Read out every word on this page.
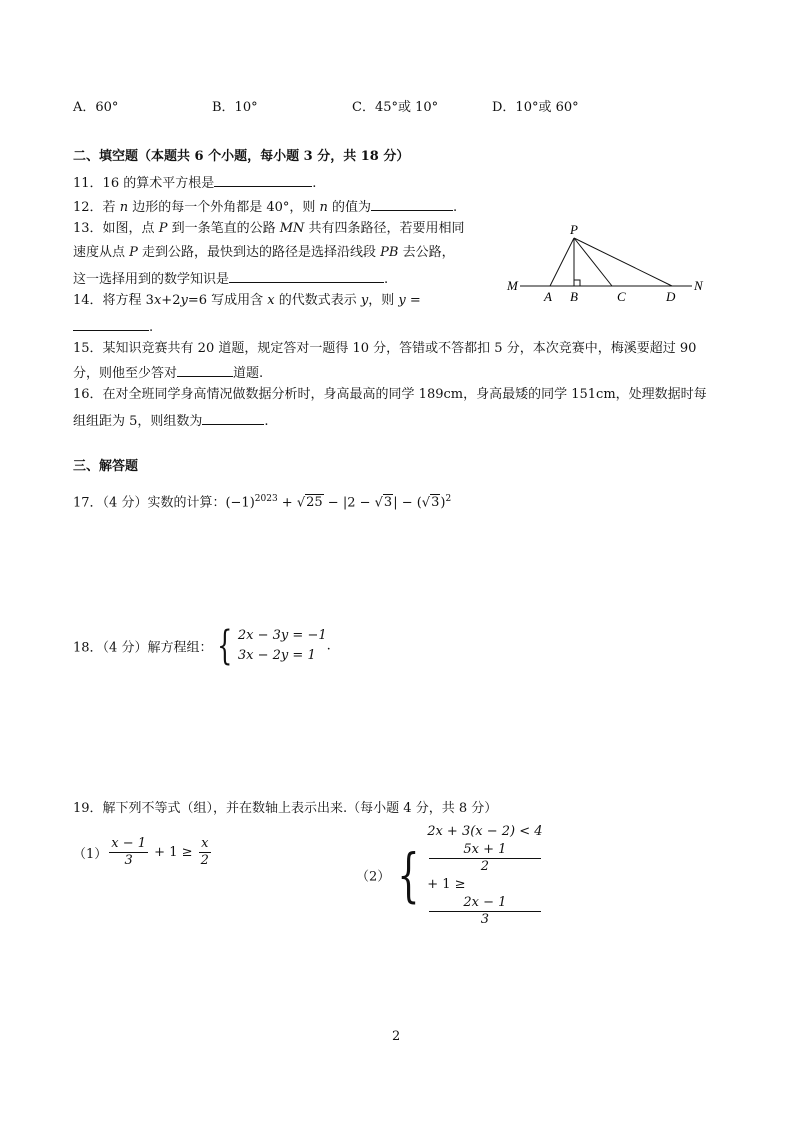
A．60°	B．10°	C．45°或 10°	D．10°或 60°
二、填空题（本题共 6 个小题，每小题 3 分，共 18 分）
11．16 的算术平方根是	.
12．若 n 边形的每一个外角都是 40°，则 n 的值为	.
13．如图，点 P 到一条笔直的公路 MN 共有四条路径，若要用相同
速度从点 P 走到公路，最快到达的路径是选择沿线段 PB 去公路，
这一选择用到的数学知识是	.
P
M
A B	C	D
N
14．将方程 3x+2y=6 写成用含 x 的代数式表示 y，则 y =
.
15．某知识竞赛共有 20 道题，规定答对一题得 10 分，答错或不答都扣 5 分，本次竞赛中，梅溪要超过 90
分，则他至少答对	道题.
16．在对全班同学身高情况做数据分析时，身高最高的同学 189cm，身高最矮的同学 151cm，处理数据时每
组组距为 5，则组数为	.
三、解答题
17．（4 分）实数的计算：$(-1)^{2023} + √25 - |2 - √3| - (√3)^2$
18．（4 分）解方程组： { 2x − 3y = −1
3x − 2y = 1
.
19．解下列不等式（组），并在数轴上表示出来.（每小题 4 分，共 8 分）
$(1) \frac{x - 1}{3} + 1 \ge \frac{x}{2}$
（2） {
2x + 3(x − 2) < 4
5x + 1
2
+ 1 ≥
2x − 1
3
2
